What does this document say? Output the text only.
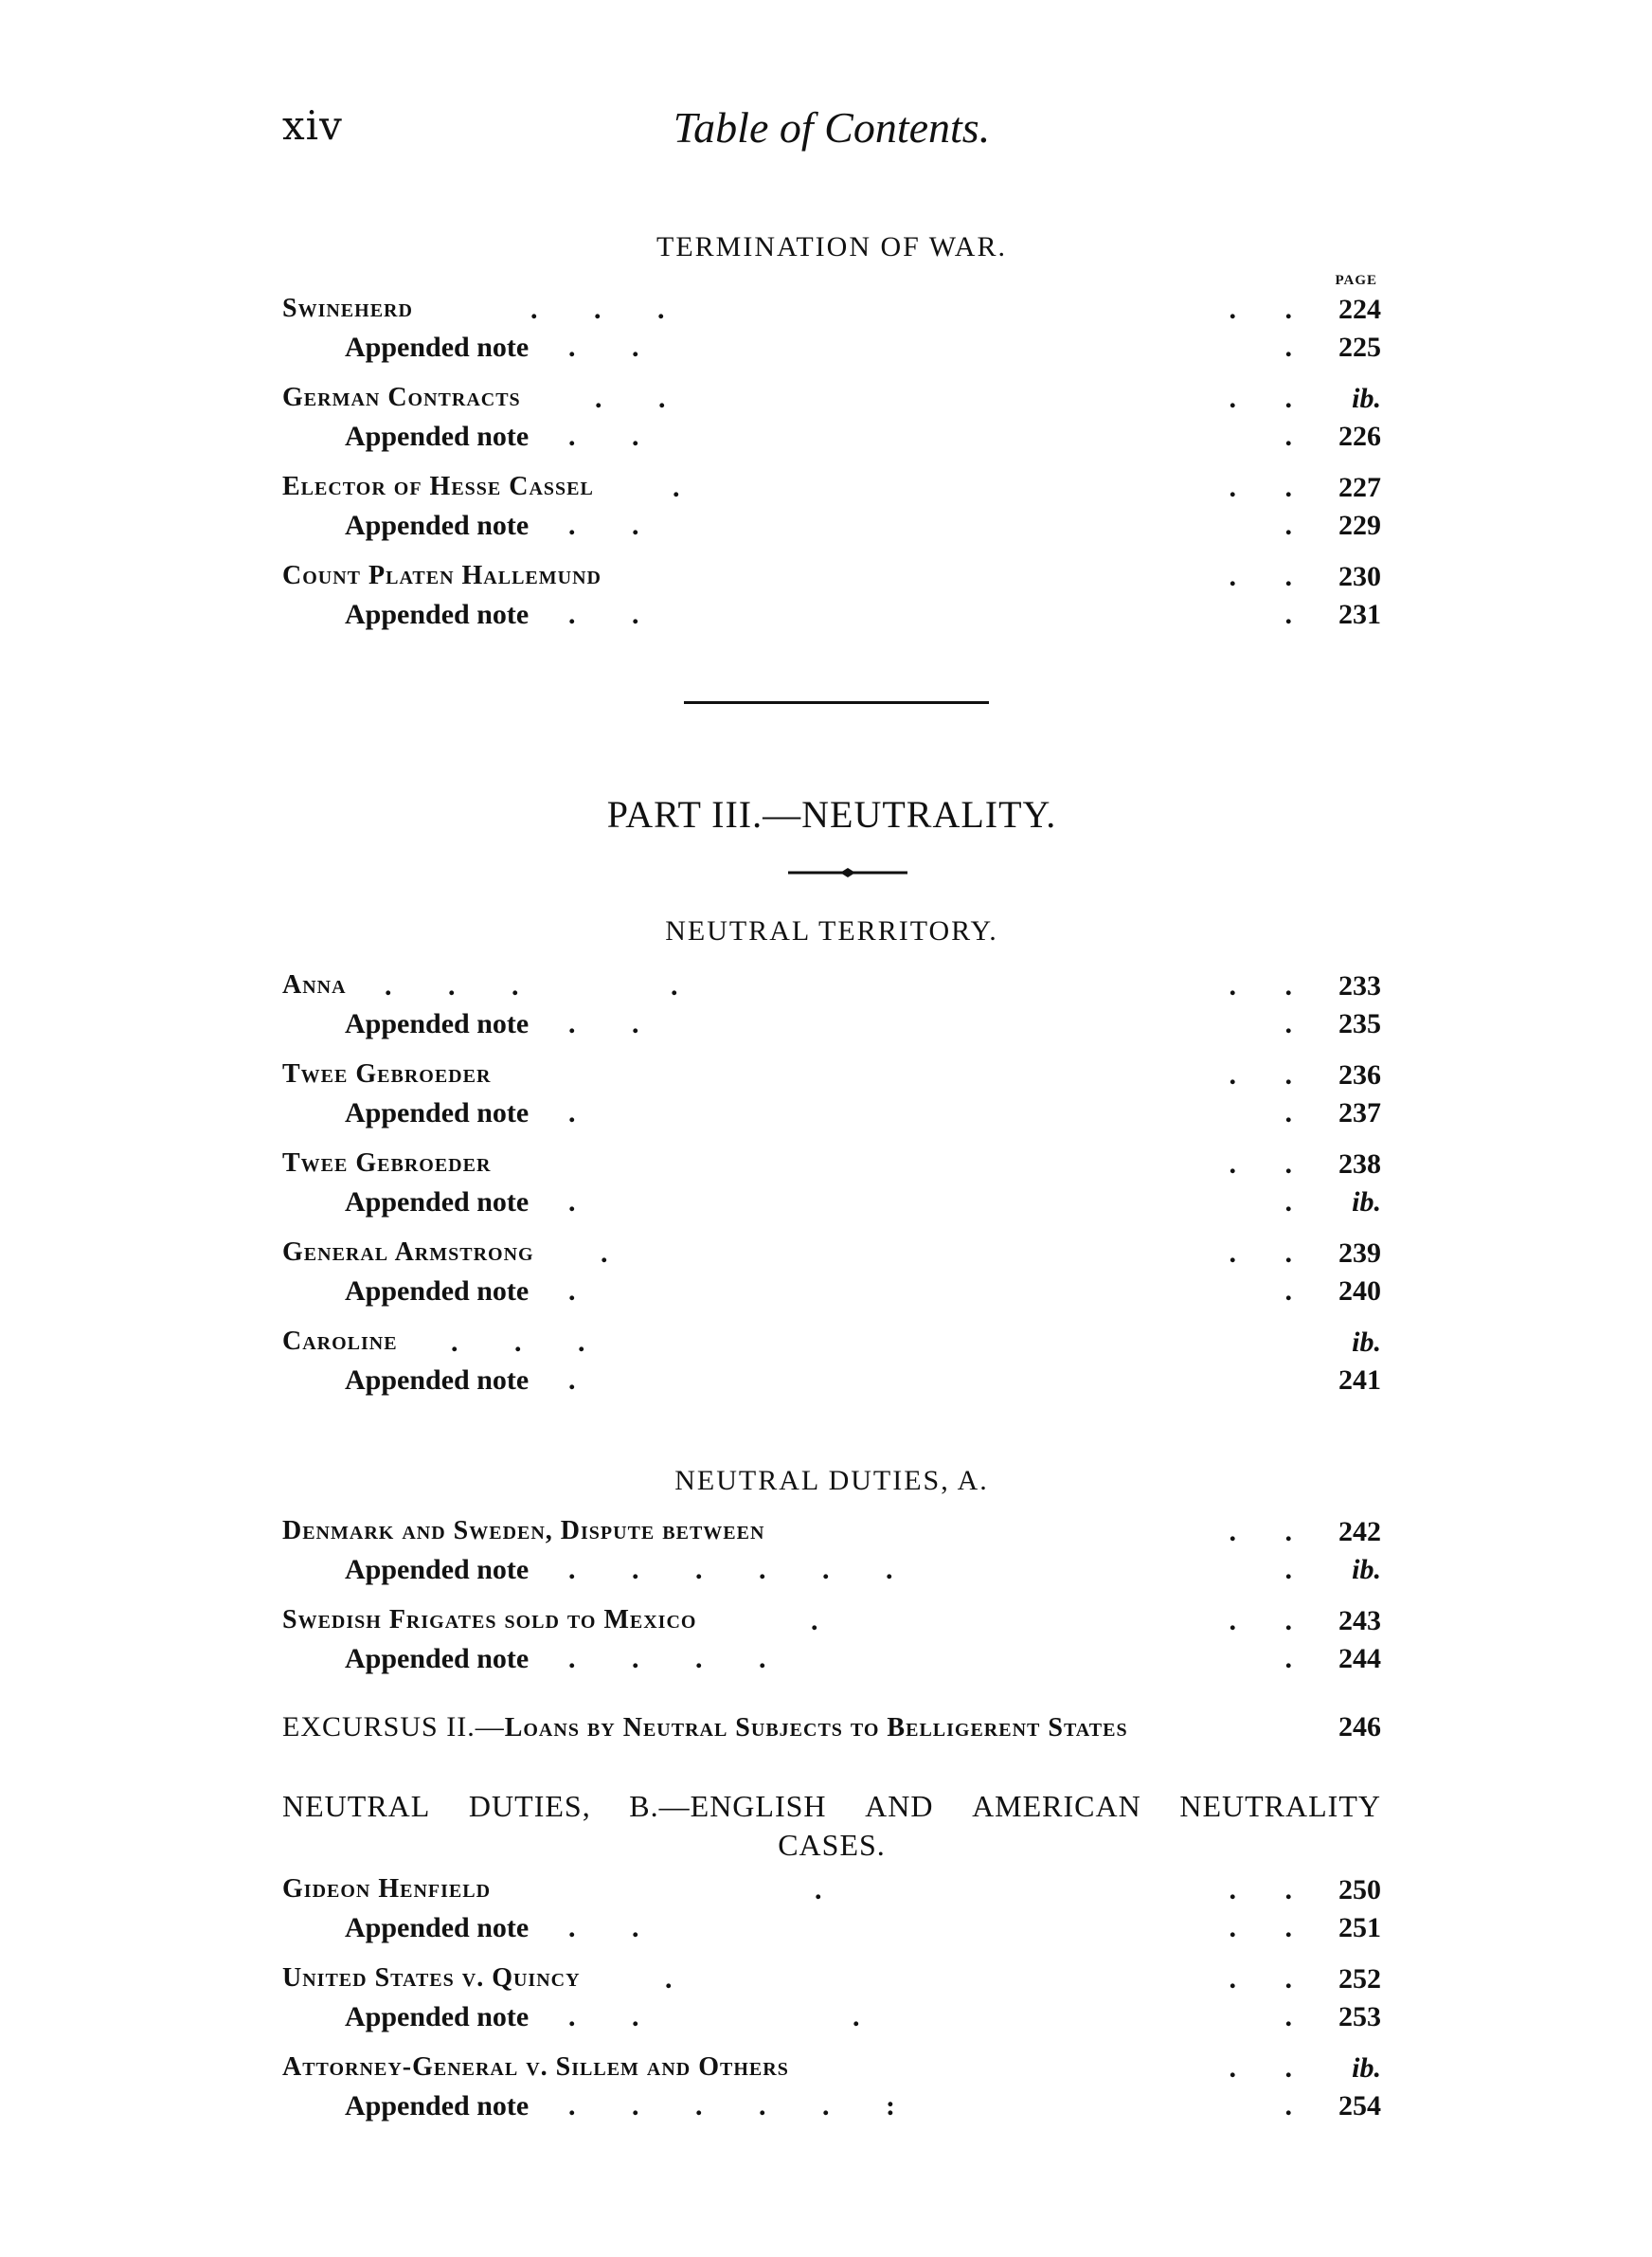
xiv	Table of Contents.
TERMINATION OF WAR.
PAGE
Swineherd	. . .	. . 224
Appended note . .	. 225
German Contracts	. .	. .	ib.
Appended note . .	. 226
Elector of Hesse Cassel	.	. . 227
Appended note . .	. 229
Count Platen Hallemund	. . 230
Appended note . .	. 231
PART III.—NEUTRALITY.
NEUTRAL TERRITORY.
Anna . . .	.	. . 233
Appended note . .	. 235
Twee Gebroeder	. . 236
Appended note .	. 237
Twee Gebroeder	. . 238
Appended note .	.	ib.
General Armstrong .	. . 239
Appended note .	. 240
Caroline . . .	ib.
Appended note .	241
NEUTRAL DUTIES, A.
Denmark and Sweden, Dispute between	. . 242
Appended note . . . . . .	.	ib.
Swedish Frigates sold to Mexico	.	. . 243
Appended note . . . .	. 244
EXCURSUS II.—Loans by Neutral Subjects to Belligerent States	246
NEUTRAL DUTIES, B.—ENGLISH AND AMERICAN NEUTRALITY
CASES.
Gideon Henfield	.	. . 250
Appended note . .	. . 251
United States v. Quincy	.	. . 252
Appended note . .	.	. 253
Attorney-General v. Sillem and Others	. .	ib.
Appended note . . . . . :	. 254
